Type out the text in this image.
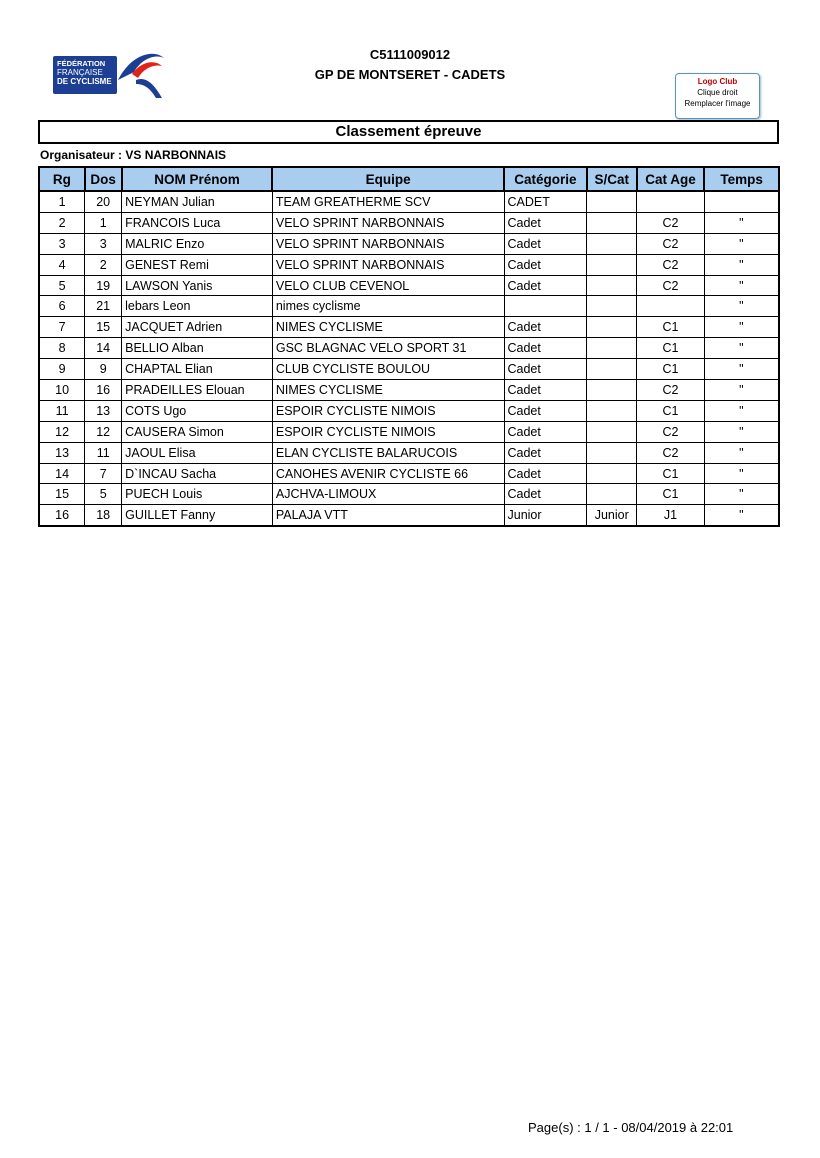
FÉDÉRATION
FRANÇAISE
DE CYCLISME
C5111009012
GP DE MONTSERET - CADETS	Logo Club
Clique droit
Remplacer l'image
Classement épreuve
Organisateur : VS NARBONNAIS
Rg	Dos	NOM Prénom	Equipe	Catégorie	S/Cat	Cat Age	Temps
1	20	NEYMAN Julian	TEAM GREATHERME SCV	CADET			
2	1	FRANCOIS Luca	VELO SPRINT NARBONNAIS	Cadet		C2	"
3	3	MALRIC Enzo	VELO SPRINT NARBONNAIS	Cadet		C2	"
4	2	GENEST Remi	VELO SPRINT NARBONNAIS	Cadet		C2	"
5	19	LAWSON Yanis	VELO CLUB CEVENOL	Cadet		C2	"
6	21	lebars Leon	nimes cyclisme				"
7	15	JACQUET Adrien	NIMES CYCLISME	Cadet		C1	"
8	14	BELLIO Alban	GSC BLAGNAC VELO SPORT 31	Cadet		C1	"
9	9	CHAPTAL Elian	CLUB CYCLISTE BOULOU	Cadet		C1	"
10	16	PRADEILLES Elouan	NIMES CYCLISME	Cadet		C2	"
11	13	COTS Ugo	ESPOIR CYCLISTE NIMOIS	Cadet		C1	"
12	12	CAUSERA Simon	ESPOIR CYCLISTE NIMOIS	Cadet		C2	"
13	11	JAOUL Elisa	ELAN CYCLISTE BALARUCOIS	Cadet		C2	"
14	7	D`INCAU Sacha	CANOHES AVENIR CYCLISTE 66	Cadet		C1	"
15	5	PUECH Louis	AJCHVA-LIMOUX	Cadet		C1	"
16	18	GUILLET Fanny	PALAJA VTT	Junior	Junior	J1	"
Page(s) : 1 / 1 - 08/04/2019 à 22:01
